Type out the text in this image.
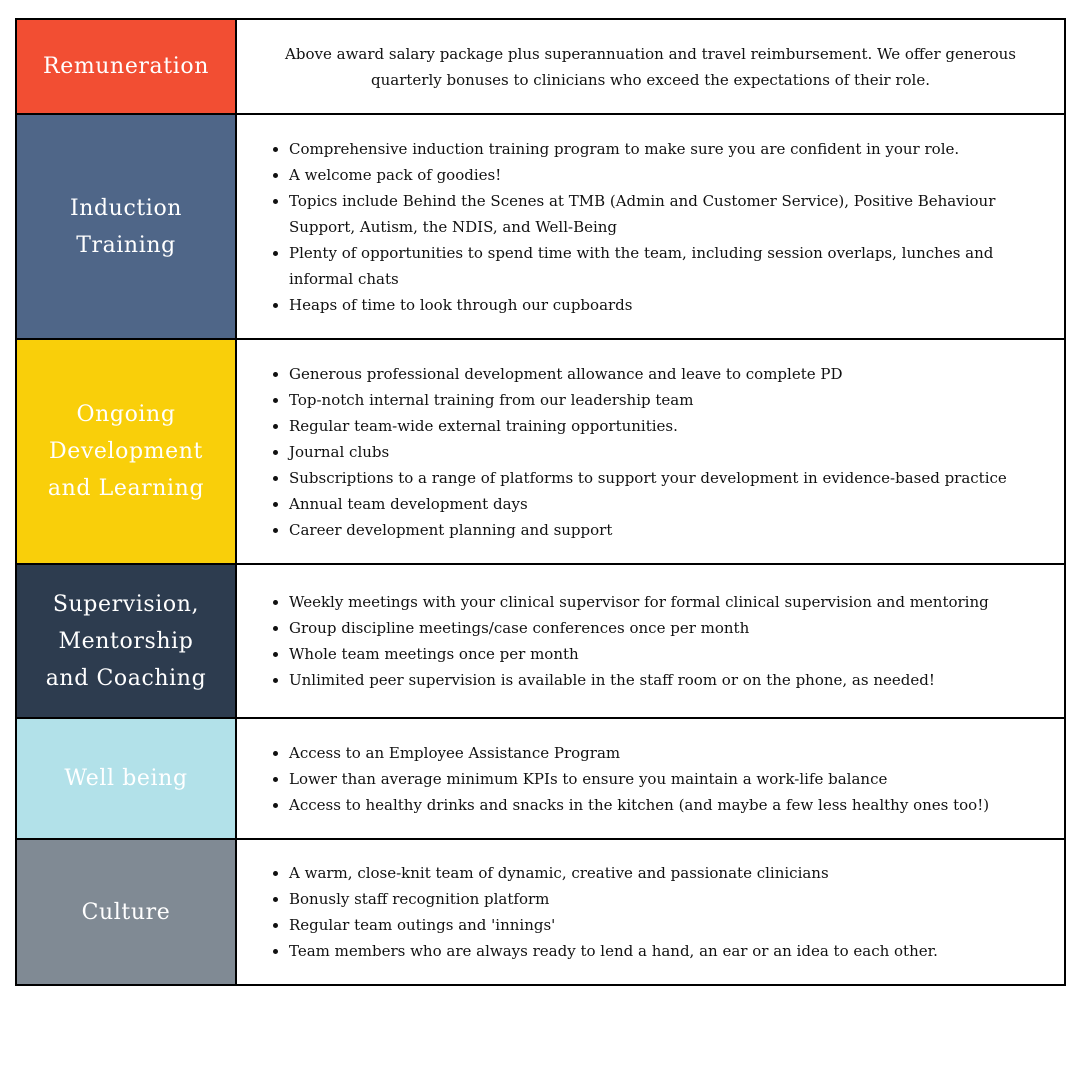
Remuneration

Above award salary package plus superannuation and travel reimbursement. We offer generous quarterly bonuses to clinicians who exceed the expectations of their role.

Induction
Training
• Comprehensive induction training program to make sure you are confident in your role.
• A welcome pack of goodies!
• Topics include Behind the Scenes at TMB (Admin and Customer Service), Positive Behaviour Support, Autism, the NDIS, and Well-Being
• Plenty of opportunities to spend time with the team, including session overlaps, lunches and informal chats
• Heaps of time to look through our cupboards
Ongoing
Development
and Learning
• Generous professional development allowance and leave to complete PD
• Top-notch internal training from our leadership team
• Regular team-wide external training opportunities.
• Journal clubs
• Subscriptions to a range of platforms to support your development in evidence-based practice
• Annual team development days
• Career development planning and support
Supervision,
Mentorship
and Coaching
• Weekly meetings with your clinical supervisor for formal clinical supervision and mentoring
• Group discipline meetings/case conferences once per month
• Whole team meetings once per month
• Unlimited peer supervision is available in the staff room or on the phone, as needed!
Well being
• Access to an Employee Assistance Program
• Lower than average minimum KPIs to ensure you maintain a work-life balance
• Access to healthy drinks and snacks in the kitchen (and maybe a few less healthy ones too!)
Culture
• A warm, close-knit team of dynamic, creative and passionate clinicians
• Bonusly staff recognition platform
• Regular team outings and 'innings'
• Team members who are always ready to lend a hand, an ear or an idea to each other.
